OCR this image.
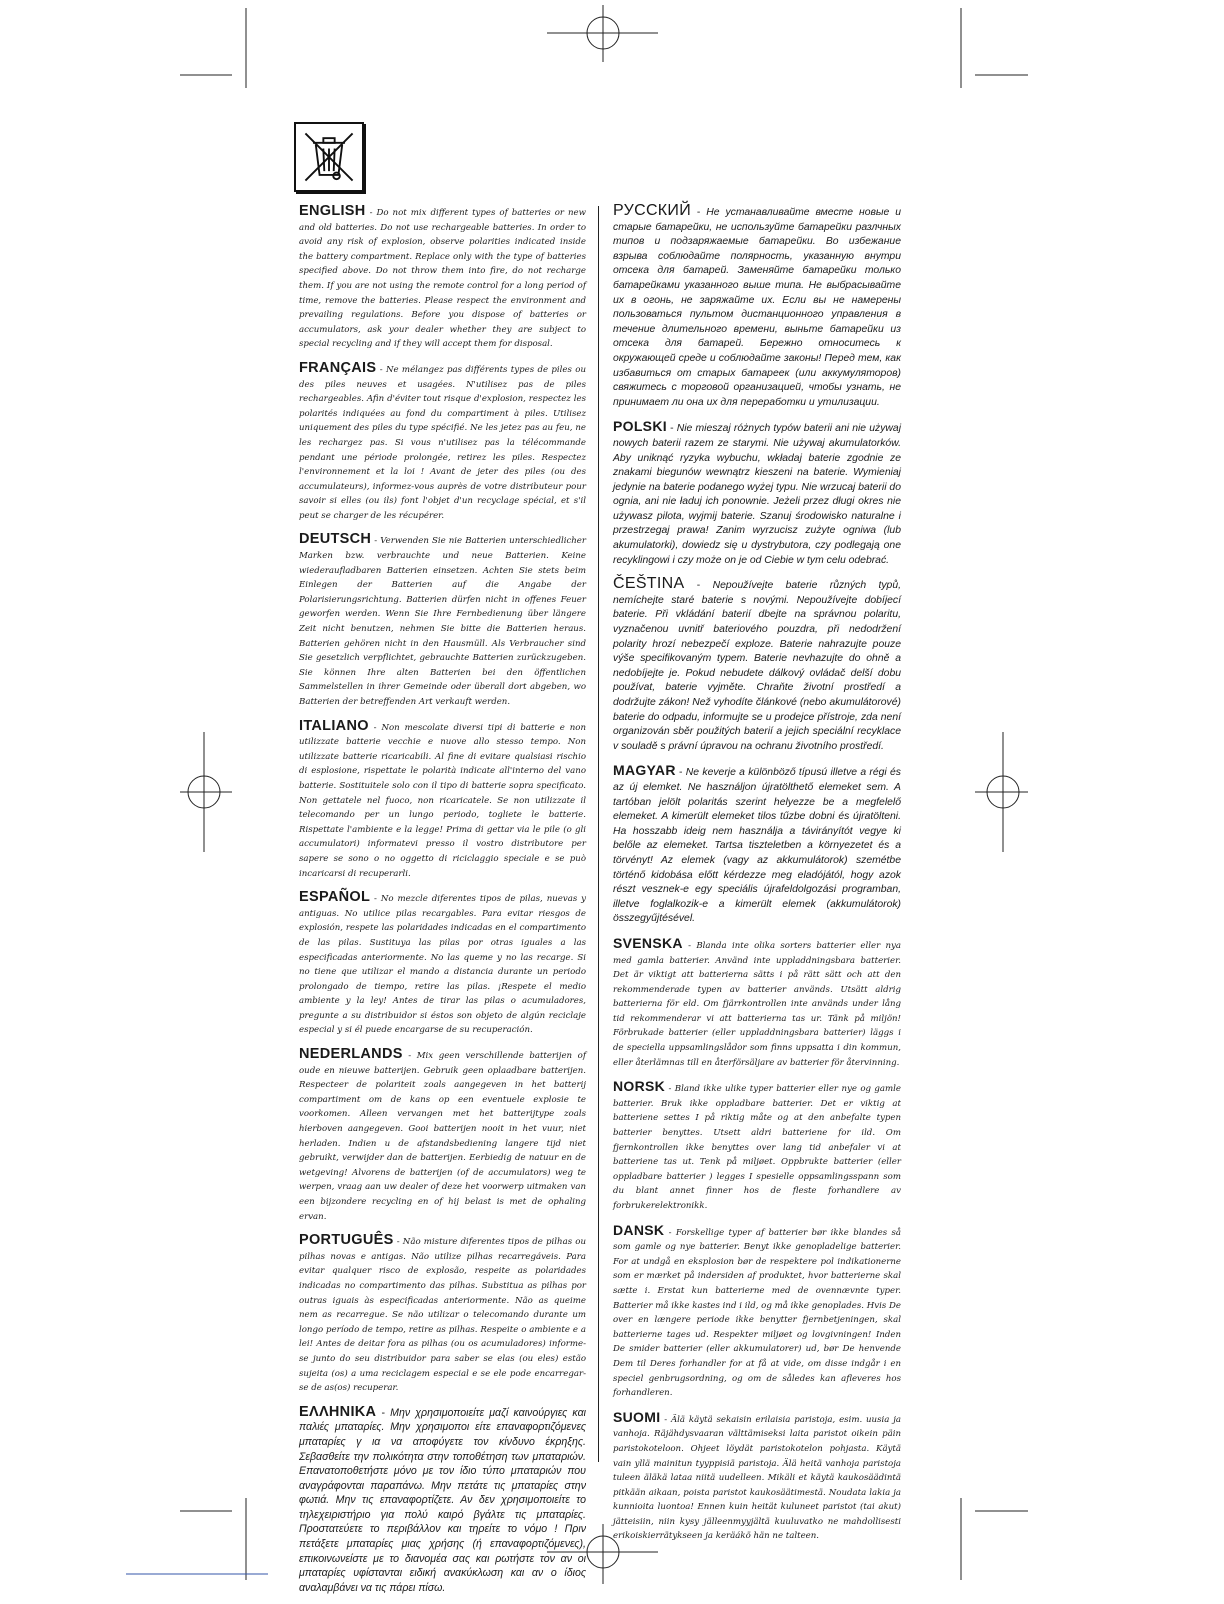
ENGLISH - Do not mix different types of batteries or new and old batteries. Do not use rechargeable batteries. In order to avoid any risk of explosion, observe polarities indicated inside the battery compartment. Replace only with the type of batteries specified above. Do not throw them into fire, do not recharge them. If you are not using the remote control for a long period of time, remove the batteries. Please respect the environment and prevailing regulations. Before you dispose of batteries or accumulators, ask your dealer whether they are subject to special recycling and if they will accept them for disposal.

FRANÇAIS - Ne mélangez pas différents types de piles ou des piles neuves et usagées. N'utilisez pas de piles rechargeables. Afin d'éviter tout risque d'explosion, respectez les polarités indiquées au fond du compartiment à piles. Utilisez uniquement des piles du type spécifié. Ne les jetez pas au feu, ne les rechargez pas. Si vous n'utilisez pas la télécommande pendant une période prolongée, retirez les piles. Respectez l'environnement et la loi ! Avant de jeter des piles (ou des accumulateurs), informez-vous auprès de votre distributeur pour savoir si elles (ou ils) font l'objet d'un recyclage spécial, et s'il peut se charger de les récupérer.

DEUTSCH - Verwenden Sie nie Batterien unterschiedlicher Marken bzw. verbrauchte und neue Batterien. Keine wiederaufladbaren Batterien einsetzen. Achten Sie stets beim Einlegen der Batterien auf die Angabe der Polarisierungsrichtung. Batterien dürfen nicht in offenes Feuer geworfen werden. Wenn Sie Ihre Fernbedienung über längere Zeit nicht benutzen, nehmen Sie bitte die Batterien heraus. Batterien gehören nicht in den Hausmüll. Als Verbraucher sind Sie gesetzlich verpflichtet, gebrauchte Batterien zurückzugeben. Sie können Ihre alten Batterien bei den öffentlichen Sammelstellen in ihrer Gemeinde oder überall dort abgeben, wo Batterien der betreffenden Art verkauft werden.

ITALIANO - Non mescolate diversi tipi di batterie e non utilizzate batterie vecchie e nuove allo stesso tempo. Non utilizzate batterie ricaricabili. Al fine di evitare qualsiasi rischio di esplosione, rispettate le polarità indicate all'interno del vano batterie. Sostituitele solo con il tipo di batterie sopra specificato. Non gettatele nel fuoco, non ricaricatele. Se non utilizzate il telecomando per un lungo periodo, togliete le batterie. Rispettate l'ambiente e la legge! Prima di gettar via le pile (o gli accumulatori) informatevi presso il vostro distributore per sapere se sono o no oggetto di riciclaggio speciale e se può incaricarsi di recuperarli.

ESPAÑOL - No mezcle diferentes tipos de pilas, nuevas y antiguas. No utilice pilas recargables. Para evitar riesgos de explosión, respete las polaridades indicadas en el compartimento de las pilas. Sustituya las pilas por otras iguales a las especificadas anteriormente. No las queme y no las recarge. Si no tiene que utilizar el mando a distancia durante un periodo prolongado de tiempo, retire las pilas. ¡Respete el medio ambiente y la ley! Antes de tirar las pilas o acumuladores, pregunte a su distribuidor si éstos son objeto de algún reciclaje especial y si él puede encargarse de su recuperación.

NEDERLANDS - Mix geen verschillende batterijen of oude en nieuwe batterijen. Gebruik geen oplaadbare batterijen. Respecteer de polariteit zoals aangegeven in het batterij compartiment om de kans op een eventuele explosie te voorkomen. Alleen vervangen met het batterijtype zoals hierboven aangegeven. Gooi batterijen nooit in het vuur, niet herladen. Indien u de afstandsbediening langere tijd niet gebruikt, verwijder dan de batterijen. Eerbiedig de natuur en de wetgeving! Alvorens de batterijen (of de accumulators) weg te werpen, vraag aan uw dealer of deze het voorwerp uitmaken van een bijzondere recycling en of hij belast is met de ophaling ervan.

PORTUGUÊS - Não misture diferentes tipos de pilhas ou pilhas novas e antigas. Não utilize pilhas recarregáveis. Para evitar qualquer risco de explosão, respeite as polaridades indicadas no compartimento das pilhas. Substitua as pilhas por outras iguais às especificadas anteriormente. Não as queime nem as recarregue. Se não utilizar o telecomando durante um longo período de tempo, retire as pilhas. Respeite o ambiente e a lei! Antes de deitar fora as pilhas (ou os acumuladores) informe-se junto do seu distribuidor para saber se elas (ou eles) estão sujeita (os) a uma reciclagem especial e se ele pode encarregar-se de as(os) recuperar.

ΕΛΛΗΝΙΚΑ - Μην χρησιμοποιείτε μαζί καινούργιες και παλιές μπαταρίες. Μην χρησιμοποι είτε επαναφορτιζόμενες μπαταρίες γ ια να αποφύγετε τον κίνδυνο έκρηξης. Σεβασθείτε την πολικότητα στην τοποθέτηση των μπαταριών. Επανατοποθετήστε μόνο με τον ίδιο τύπο μπαταριών που αναγράφονται παραπάνω. Μην πετάτε τις μπαταρίες στην φωτιά. Μην τις επαναφορτίζετε. Αν δεν χρησιμοποιείτε το τηλεχειριστήριο για πολύ καιρό βγάλτε τις μπαταρίες. Προστατεύετε το περιβάλλον και τηρείτε το νόμο ! Πριν πετάξετε μπαταρίες μιας χρήσης (ή επαναφορτιζόμενες), επικοινωνείστε με το διανομέα σας και ρωτήστε τον αν οι μπαταρίες υφίστανται ειδική ανακύκλωση και αν ο ίδιος αναλαμβάνει να τις πάρει πίσω.

РУССКИЙ - Не устанавливайте вместе новые и старые батарейки, не используйте батарейки разлчных типов и подзаряжаемые батарейки. Во избежание взрыва соблюдайте полярность, указанную внутри отсека для батарей. Заменяйте батарейки только батарейками указанного выше типа. Не выбрасывайте их в огонь, не заряжайте их. Если вы не намерены пользоваться пультом дистанционного управления в течение длительного времени, выньте батарейки из отсека для батарей. Бережно относитесь к окружающей среде и соблюдайте законы! Перед тем, как избавиться от старых батареек (или аккумуляторов) свяжитесь с торговой организацией, чтобы узнать, не принимает ли она их для переработки и утилизации.

POLSKI - Nie mieszaj różnych typów baterii ani nie używaj nowych baterii razem ze starymi. Nie używaj akumulatorków. Aby uniknąć ryzyka wybuchu, wkładaj baterie zgodnie ze znakami biegunów wewnątrz kieszeni na baterie. Wymieniaj jedynie na baterie podanego wyżej typu. Nie wrzucaj baterii do ognia, ani nie ładuj ich ponownie. Jeżeli przez długi okres nie używasz pilota, wyjmij baterie. Szanuj środowisko naturalne i przestrzegaj prawa! Zanim wyrzucisz zużyte ogniwa (lub akumulatorki), dowiedz się u dystrybutora, czy podlegają one recyklingowi i czy może on je od Ciebie w tym celu odebrać.

ČEŠTINA - Nepoužívejte baterie různých typů, nemíchejte staré baterie s novými. Nepoužívejte dobíjecí baterie. Při vkládání baterií dbejte na správnou polaritu, vyznačenou uvnitř bateriového pouzdra, při nedodržení polarity hrozí nebezpečí exploze. Baterie nahrazujte pouze výše specifikovaným typem. Baterie nevhazujte do ohně a nedobíjejte je. Pokud nebudete dálkový ovládač delší dobu používat, baterie vyjměte. Chraňte životní prostředí a dodržujte zákon! Než vyhodíte článkové (nebo akumulátorové) baterie do odpadu, informujte se u prodejce přístroje, zda není organizován sběr použitých baterií a jejich speciální recyklace v souladě s právní úpravou na ochranu životního prostředí.

MAGYAR - Ne keverje a különböző típusú illetve a régi és az új elemket. Ne használjon újratölthető elemeket sem. A tartóban jelölt polaritás szerint helyezze be a megfelelő elemeket. A kimerült elemeket tilos tűzbe dobni és újratölteni. Ha hosszabb ideig nem használja a távirányítót vegye ki belőle az elemeket. Tartsa tiszteletben a környezetet és a törvényt! Az elemek (vagy az akkumulátorok) szemétbe történő kidobása előtt kérdezze meg eladójától, hogy azok részt vesznek-e egy speciális újrafeldolgozási programban, illetve foglalkozik-e a kimerült elemek (akkumulátorok) összegyűjtésével.

SVENSKA - Blanda inte olika sorters batterier eller nya med gamla batterier. Använd inte uppladdningsbara batterier. Det är viktigt att batterierna sätts i på rätt sätt och att den rekommenderade typen av batterier används. Utsätt aldrig batterierna för eld. Om fjärrkontrollen inte används under lång tid rekommenderar vi att batterierna tas ur. Tänk på miljön! Förbrukade batterier (eller uppladdningsbara batterier) läggs i de speciella uppsamlingslådor som finns uppsatta i din kommun, eller återlämnas till en återförsäljare av batterier för återvinning.

NORSK - Bland ikke ulike typer batterier eller nye og gamle batterier. Bruk ikke oppladbare batterier. Det er viktig at batteriene settes I på riktig måte og at den anbefalte typen batterier benyttes. Utsett aldri batteriene for ild. Om fjernkontrollen ikke benyttes over lang tid anbefaler vi at batteriene tas ut. Tenk på miljøet. Oppbrukte batterier (eller oppladbare batterier ) legges I spesielle oppsamlingsspann som du blant annet finner hos de fleste forhandlere av forbrukerelektronikk.

DANSK - Forskellige typer af batterier bør ikke blandes så som gamle og nye batterier. Benyt ikke genopladelige batterier. For at undgå en eksplosion bør de respektere pol indikationerne som er mærket på indersiden af produktet, hvor batterierne skal sætte i. Erstat kun batterierne med de ovennævnte typer. Batterier må ikke kastes ind i ild, og må ikke genoplades. Hvis De over en længere periode ikke benytter fjernbetjeningen, skal batterierne tages ud. Respekter miljøet og lovgivningen! Inden De smider batterier (eller akkumulatorer) ud, bør De henvende Dem til Deres forhandler for at få at vide, om disse indgår i en speciel genbrugsordning, og om de således kan afleveres hos forhandleren.

SUOMI - Älä käytä sekaisin erilaisia paristoja, esim. uusia ja vanhoja. Räjähdysvaaran välttämiseksi laita paristot oikein päin paristokoteloon. Ohjeet löydät paristokotelon pohjasta. Käytä vain yllä mainitun tyyppisiä paristoja. Älä heitä vanhoja paristoja tuleen äläkä lataa niitä uudelleen. Mikäli et käytä kaukosäädintä pitkään aikaan, poista paristot kaukosäätimestä. Noudata lakia ja kunnioita luontoa! Ennen kuin heität kuluneet paristot (tai akut) jätteisiin, niin kysy jälleenmyyjältä kuuluvatko ne mahdollisesti erikoiskierrätykseen ja keräákö hän ne talteen.
